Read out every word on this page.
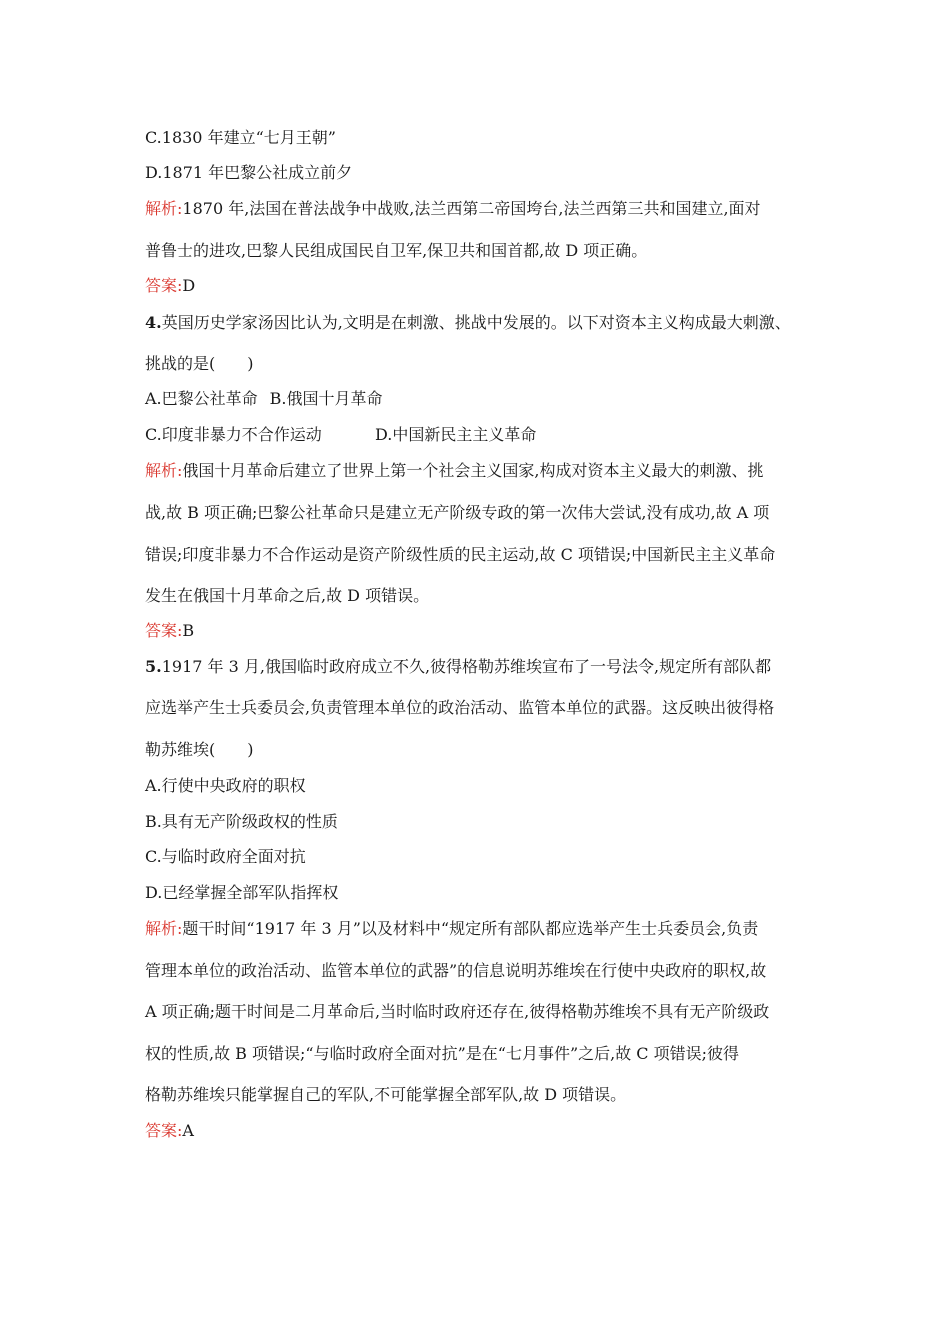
C.1830 年建立“七月王朝”
D.1871 年巴黎公社成立前夕
解析:1870 年,法国在普法战争中战败,法兰西第二帝国垮台,法兰西第三共和国建立,面对
普鲁士的进攻,巴黎人民组成国民自卫军,保卫共和国首都,故 D 项正确。
答案:D
4.英国历史学家汤因比认为,文明是在刺激、挑战中发展的。以下对资本主义构成最大刺激、
挑战的是(　　)
A.巴黎公社革命 B.俄国十月革命
C.印度非暴力不合作运动	D.中国新民主主义革命
解析:俄国十月革命后建立了世界上第一个社会主义国家,构成对资本主义最大的刺激、挑
战,故 B 项正确;巴黎公社革命只是建立无产阶级专政的第一次伟大尝试,没有成功,故 A 项
错误;印度非暴力不合作运动是资产阶级性质的民主运动,故 C 项错误;中国新民主主义革命
发生在俄国十月革命之后,故 D 项错误。
答案:B
5.1917 年 3 月,俄国临时政府成立不久,彼得格勒苏维埃宣布了一号法令,规定所有部队都
应选举产生士兵委员会,负责管理本单位的政治活动、监管本单位的武器。这反映出彼得格
勒苏维埃(　　)
A.行使中央政府的职权
B.具有无产阶级政权的性质
C.与临时政府全面对抗
D.已经掌握全部军队指挥权
解析:题干时间“1917 年 3 月”以及材料中“规定所有部队都应选举产生士兵委员会,负责
管理本单位的政治活动、监管本单位的武器”的信息说明苏维埃在行使中央政府的职权,故
A 项正确;题干时间是二月革命后,当时临时政府还存在,彼得格勒苏维埃不具有无产阶级政
权的性质,故 B 项错误;“与临时政府全面对抗”是在“七月事件”之后,故 C 项错误;彼得
格勒苏维埃只能掌握自己的军队,不可能掌握全部军队,故 D 项错误。
答案:A
